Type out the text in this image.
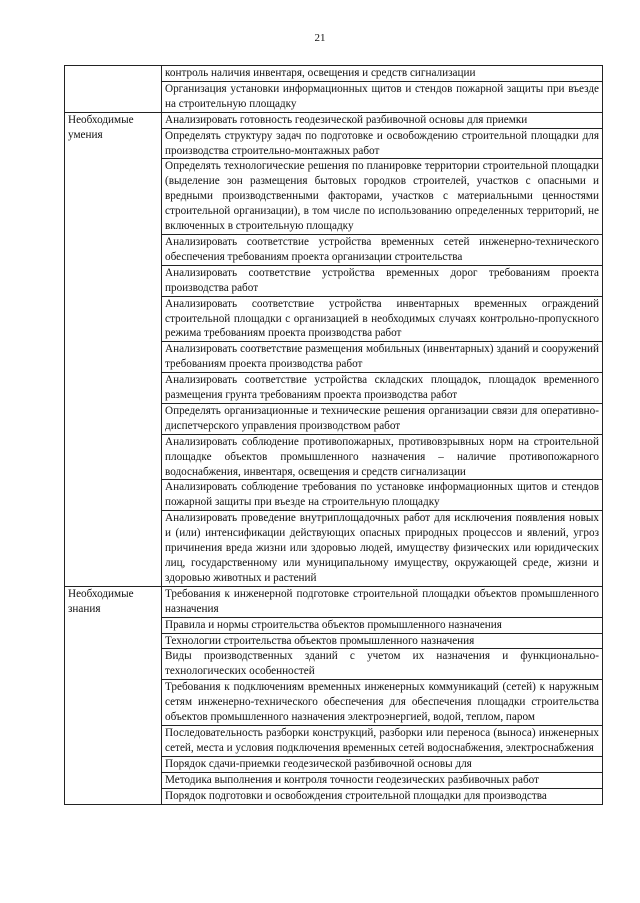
21
	контроль наличия инвентаря, освещения и средств сигнализации
	Организация установки информационных щитов и стендов пожарной защиты при въезде на строительную площадку
Необходимые умения	Анализировать готовность геодезической разбивочной основы для приемки
	Определять структуру задач по подготовке и освобождению строительной площадки для производства строительно-монтажных работ
	Определять технологические решения по планировке территории строительной площадки (выделение зон размещения бытовых городков строителей, участков с опасными и вредными производственными факторами, участков с материальными ценностями строительной организации), в том числе по использованию определенных территорий, не включенных в строительную площадку
	Анализировать соответствие устройства временных сетей инженерно-технического обеспечения требованиям проекта организации строительства
	Анализировать соответствие устройства временных дорог требованиям проекта производства работ
	Анализировать соответствие устройства инвентарных временных ограждений строительной площадки с организацией в необходимых случаях контрольно-пропускного режима требованиям проекта производства работ
	Анализировать соответствие размещения мобильных (инвентарных) зданий и сооружений требованиям проекта производства работ
	Анализировать соответствие устройства складских площадок, площадок временного размещения грунта требованиям проекта производства работ
	Определять организационные и технические решения организации связи для оперативно-диспетчерского управления производством работ
	Анализировать соблюдение противопожарных, противовзрывных норм на строительной площадке объектов промышленного назначения – наличие противопожарного водоснабжения, инвентаря, освещения и средств сигнализации
	Анализировать соблюдение требования по установке информационных щитов и стендов пожарной защиты при въезде на строительную площадку
	Анализировать проведение внутриплощадочных работ для исключения появления новых и (или) интенсификации действующих опасных природных процессов и явлений, угроз причинения вреда жизни или здоровью людей, имуществу физических или юридических лиц, государственному или муниципальному имуществу, окружающей среде, жизни и здоровью животных и растений
Необходимые знания	Требования к инженерной подготовке строительной площадки объектов промышленного назначения
	Правила и нормы строительства объектов промышленного назначения
	Технологии строительства объектов промышленного назначения
	Виды производственных зданий с учетом их назначения и функционально-технологических особенностей
	Требования к подключениям временных инженерных коммуникаций (сетей) к наружным сетям инженерно-технического обеспечения для обеспечения площадки строительства объектов промышленного назначения электроэнергией, водой, теплом, паром
	Последовательность разборки конструкций, разборки или переноса (выноса) инженерных сетей, места и условия подключения временных сетей водоснабжения, электроснабжения
	Порядок сдачи-приемки геодезической разбивочной основы для
	Методика выполнения и контроля точности геодезических разбивочных работ
	Порядок подготовки и освобождения строительной площадки для производства
